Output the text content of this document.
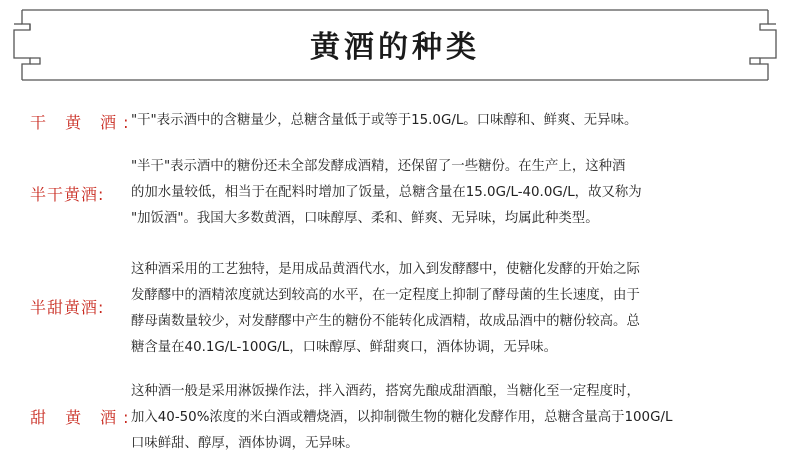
黄酒的种类
干 黄 酒:
"干"表示酒中的含糖量少，总糖含量低于或等于15.0G/L。口味醇和、鲜爽、无异味。
半干黄酒:
"半干"表示酒中的糖份还未全部发酵成酒精，还保留了一些糖份。在生产上，这种酒
的加水量较低，相当于在配料时增加了饭量，总糖含量在15.0G/L-40.0G/L，故又称为
"加饭酒"。我国大多数黄酒，口味醇厚、柔和、鲜爽、无异味，均属此种类型。
半甜黄酒:
这种酒采用的工艺独特，是用成品黄酒代水，加入到发酵醪中，使糖化发酵的开始之际
发酵醪中的酒精浓度就达到较高的水平，在一定程度上抑制了酵母菌的生长速度，由于
酵母菌数量较少，对发酵醪中产生的糖份不能转化成酒精，故成品酒中的糖份较高。总
糖含量在40.1G/L-100G/L，口味醇厚、鲜甜爽口，酒体协调，无异味。
甜 黄 酒:
这种酒一般是采用淋饭操作法，拌入酒药，搭窝先酿成甜酒酿，当糖化至一定程度时，
加入40-50%浓度的米白酒或糟烧酒，以抑制微生物的糖化发酵作用，总糖含量高于100G/L
口味鲜甜、醇厚，酒体协调，无异味。
